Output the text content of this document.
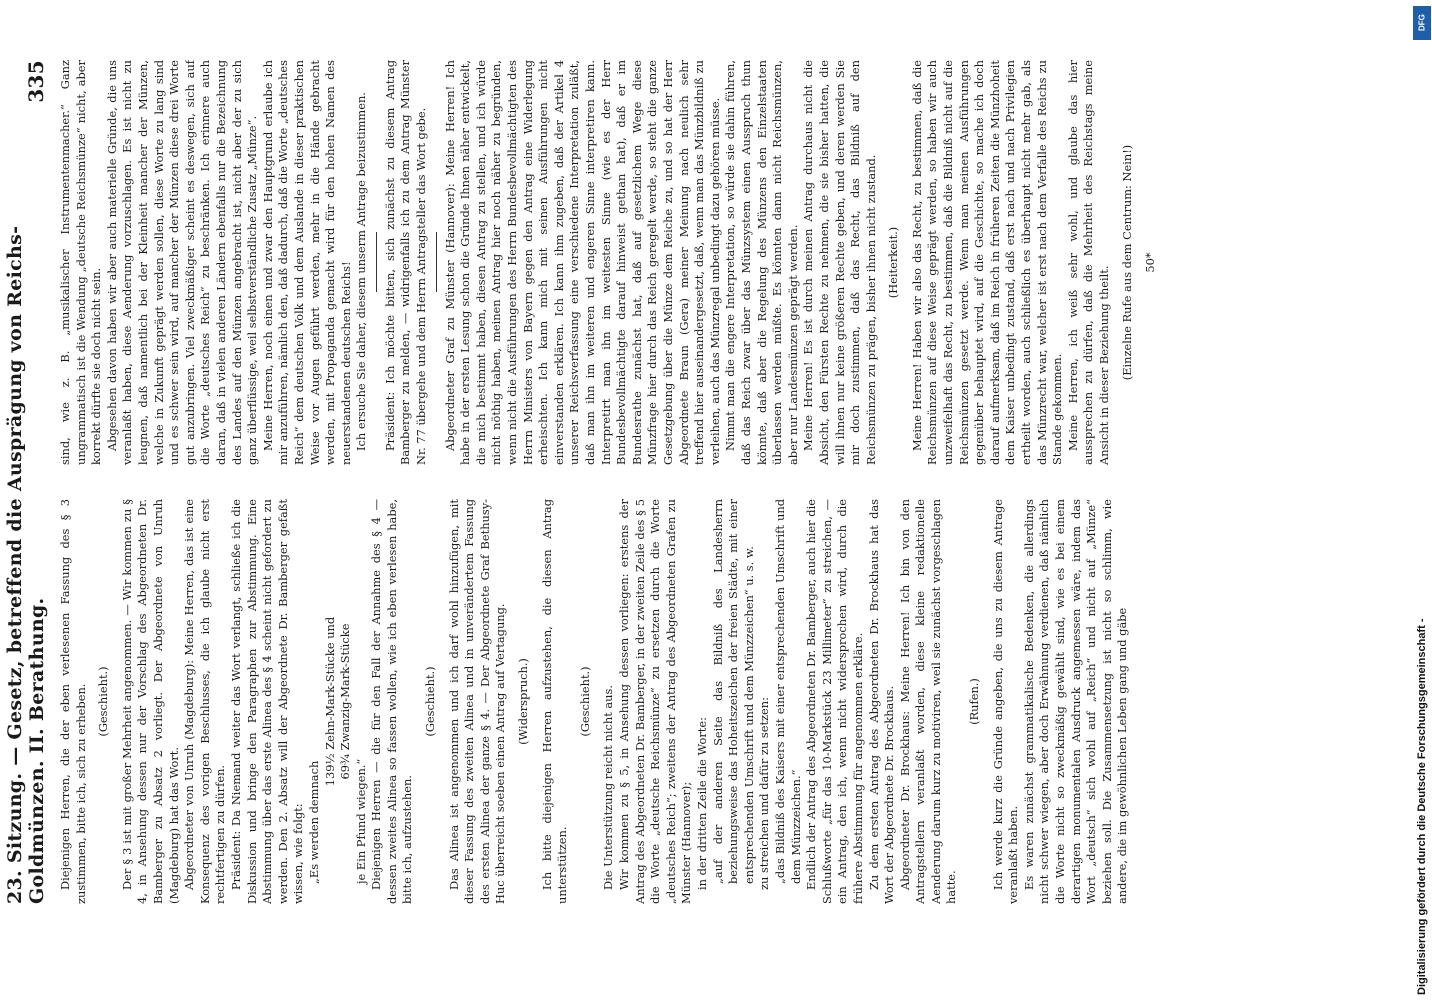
23. Sitzung. — Gesetz, betreffend die Ausprägung von Reichs-Goldmünzen. II. Berathung.
335

Diejenigen Herren, die der eben verlesenen Fassung des § 3 zustimmen, bitte ich, sich zu erheben. (Geschieht.) Der § 3 ist mit großer Mehrheit angenommen. — Wir kommen zu § 4, in Ansehung dessen nur der Vorschlag des Abgeordneten Dr. Bamberger zu Absatz 2 vorliegt. Der Abgeordnete von Unruh (Magdeburg) hat das Wort. Abgeordneter von Unruh (Magdeburg): Meine Herren, das ist eine Konsequenz des vorigen Beschlusses, die ich glaube nicht erst rechtfertigen zu dürfen. Präsident: Da Niemand weiter das Wort verlangt, schließe ich die Diskussion und bringe den Paragraphen zur Abstimmung. Eine Abstimmung über das erste Alinea des § 4 scheint nicht gefordert zu werden. Den 2. Absatz will der Abgeordnete Dr. Bamberger gefaßt wissen, wie folgt: „Es werden demnach

139½ Zehn-Mark-Stücke und 69¾ Zwanzig-Mark-Stücke

je Ein Pfund wiegen.“ Diejenigen Herren — die für den Fall der Annahme des § 4 — dessen zweites Alinea so fassen wollen, wie ich eben verlesen habe, bitte ich, aufzustehen.

(Geschieht.) Das Alinea ist angenommen und ich darf wohl hinzufügen, mit dieser Fassung des zweiten Alinea und in unverändertem Fassung des ersten Alinea der ganze § 4. — Der Abgeordnete Graf Bethusy-Huc überreicht soeben einen Antrag auf Vertagung. (Widerspruch.) Ich bitte diejenigen Herren aufzustehen, die diesen Antrag unterstützen.

(Geschieht.) Die Unterstützung reicht nicht aus. Wir kommen zu § 5, in Ansehung dessen vorliegen: erstens der Antrag des Abgeordneten Dr. Bamberger, in der zweiten Zeile des § 5 die Worte „deutsche Reichsmünze“ zu ersetzen durch die Worte „deutsches Reich“; zweitens der Antrag des Abgeordneten Grafen zu Münster (Hannover); in der dritten Zeile die Worte: „auf der anderen Seite das Bildniß des Landesherrn beziehungsweise das Hoheitszeichen der freien Städte, mit einer entsprechenden Umschrift und dem Münzzeichen“ u. s. w. zu streichen und dafür zu setzen: „das Bildniß des Kaisers mit einer entsprechenden Umschrift und dem Münzzeichen.“ Endlich der Antrag des Abgeordneten Dr. Bamberger, auch hier die Schlußworte „für das 10-Markstück 23 Millimeter“ zu streichen, — ein Antrag, den ich, wenn nicht widersprochen wird, durch die frühere Abstimmung für angenommen erkläre. Zu dem ersten Antrag des Abgeordneten Dr. Brockhaus hat das Wort der Abgeordnete Dr. Brockhaus. Abgeordneter Dr. Brockhaus: Meine Herren! Ich bin von den Antragstellern veranlaßt worden, diese kleine redaktionelle Aenderung darum kurz zu motiviren, weil sie zunächst vorgeschlagen hatte.

(Rufen.) Ich werde kurz die Gründe angeben, die uns zu diesem Antrage veranlaßt haben. Es waren zunächst grammatikalische Bedenken, die allerdings nicht schwer wiegen, aber doch Erwähnung verdienen, daß nämlich die Worte nicht so zweckmäßig gewählt sind, wie es bei einem derartigen monumentalen Ausdruck angemessen wäre, indem das Wort „deutsch“ sich wohl auf „Reich“ und nicht auf „Münze“ beziehen soll. Die Zusammensetzung ist nicht so schlimm, wie andere, die im gewöhnlichen Leben gang und gäbe

sind, wie z. B. „musikalischer Instrumentenmacher.“ Ganz ungrammatisch ist die Wendung „deutsche Reichsmünze“ nicht, aber korrekt dürfte sie doch nicht sein. Abgesehen davon haben wir aber auch materielle Gründe, die uns veranlaßt haben, diese Aenderung vorzuschlagen. Es ist nicht zu leugnen, daß namentlich bei der Kleinheit mancher der Münzen, welche in Zukunft geprägt werden sollen, diese Worte zu lang sind und es schwer sein wird, auf mancher der Münzen diese drei Worte gut anzubringen. Viel zweckmäßiger scheint es deswegen, sich auf die Worte „deutsches Reich“ zu beschränken. Ich erinnere auch daran, daß in vielen anderen Ländern ebenfalls nur die Bezeichnung des Landes auf den Münzen angebracht ist, nicht aber der zu sich ganz überflüssige, weil selbstverständliche Zusatz „Münze“. Meine Herren, noch einen und zwar den Hauptgrund erlaube ich mir anzuführen, nämlich den, daß dadurch, daß die Worte „deutsches Reich“ dem deutschen Volk und dem Auslande in dieser praktischen Weise vor Augen geführt werden, mehr in die Hände gebracht werden, mit Propaganda gemacht wird für den hohen Namen des neuerstandenen deutschen Reichs! Ich ersuche Sie daher, diesem unserm Antrage beizustimmen. Präsident: Ich möchte bitten, sich zunächst zu diesem Antrag Bamberger zu melden, — widrigenfalls ich zu dem Antrag Münster Nr. 77 übergehe und dem Herrn Antragsteller das Wort gebe. Abgeordneter Graf zu Münster (Hannover): Meine Herren! Ich habe in der ersten Lesung schon die Gründe Ihnen näher entwickelt, die mich bestimmt haben, diesen Antrag zu stellen, und ich würde nicht nöthig haben, meinen Antrag hier noch näher zu begründen, wenn nicht die Ausführungen des Herrn Bundesbevollmächtigten des Herrn Ministers von Bayern gegen den Antrag eine Widerlegung erheischten. Ich kann mich mit seinen Ausführungen nicht einverstanden erklären. Ich kann ihm zugeben, daß der Artikel 4 unserer Reichsverfassung eine verschiedene Interpretation zuläßt, daß man ihn im weiteren und engeren Sinne interpretiren kann. Interpretirt man ihn im weitesten Sinne (wie es der Herr Bundesbevollmächtigte darauf hinweist gethan hat), daß er im Bundesrathe zunächst hat, daß auf gesetzlichem Wege diese Münzfrage hier durch das Reich geregelt werde, so steht die ganze Gesetzgebung über die Münze dem Reiche zu, und so hat der Herr Abgeordnete Braun (Gera) meiner Meinung nach neulich sehr treffend hier auseinandergesetzt, daß, wenn man das Münzbildniß zu verleihen, auch das Münzregal unbedingt dazu gehören müsse. Nimmt man die engere Interpretation, so würde sie dahin führen, daß das Reich zwar über das Münzsystem einen Ausspruch thun könnte, daß aber die Regelung des Münzens den Einzelstaaten überlassen werden müßte. Es könnten dann nicht Reichsmünzen, aber nur Landesmünzen geprägt werden. Meine Herren! Es ist durch meinen Antrag durchaus nicht die Absicht, den Fürsten Rechte zu nehmen, die sie bisher hatten, die will ihnen nur keine größeren Rechte geben, und deren werden Sie mir doch zustimmen, daß das Recht, das Bildniß auf den Reichsmünzen zu prägen, bisher ihnen nicht zustand. (Heiterkeit.) Meine Herren! Haben wir also das Recht, zu bestimmen, daß die Reichsmünzen auf diese Weise geprägt werden, so haben wir auch unzweifelhaft das Recht, zu bestimmen, daß die Bildniß nicht auf die Reichsmünzen gesetzt werde. Wenn man meinen Ausführungen gegenüber behauptet wird, auf die Geschichte, so mache ich doch darauf aufmerksam, daß im Reich in früheren Zeiten die Münzhoheit dem Kaiser unbedingt zustand, daß erst nach und nach Privilegien ertheilt worden, auch schließlich es überhaupt nicht mehr gab, als das Münzrecht war, welcher ist erst nach dem Verfalle des Reichs zu Stande gekommen. Meine Herren, ich weiß sehr wohl, und glaube das hier aussprechen zu dürfen, daß die Mehrheit des Reichstags meine Ansicht in dieser Beziehung theilt. (Einzelne Rufe aus dem Centrum: Nein!) 50*

DFG
Digitalisierung gefördert durch die Deutsche Forschungsgemeinschaft -
